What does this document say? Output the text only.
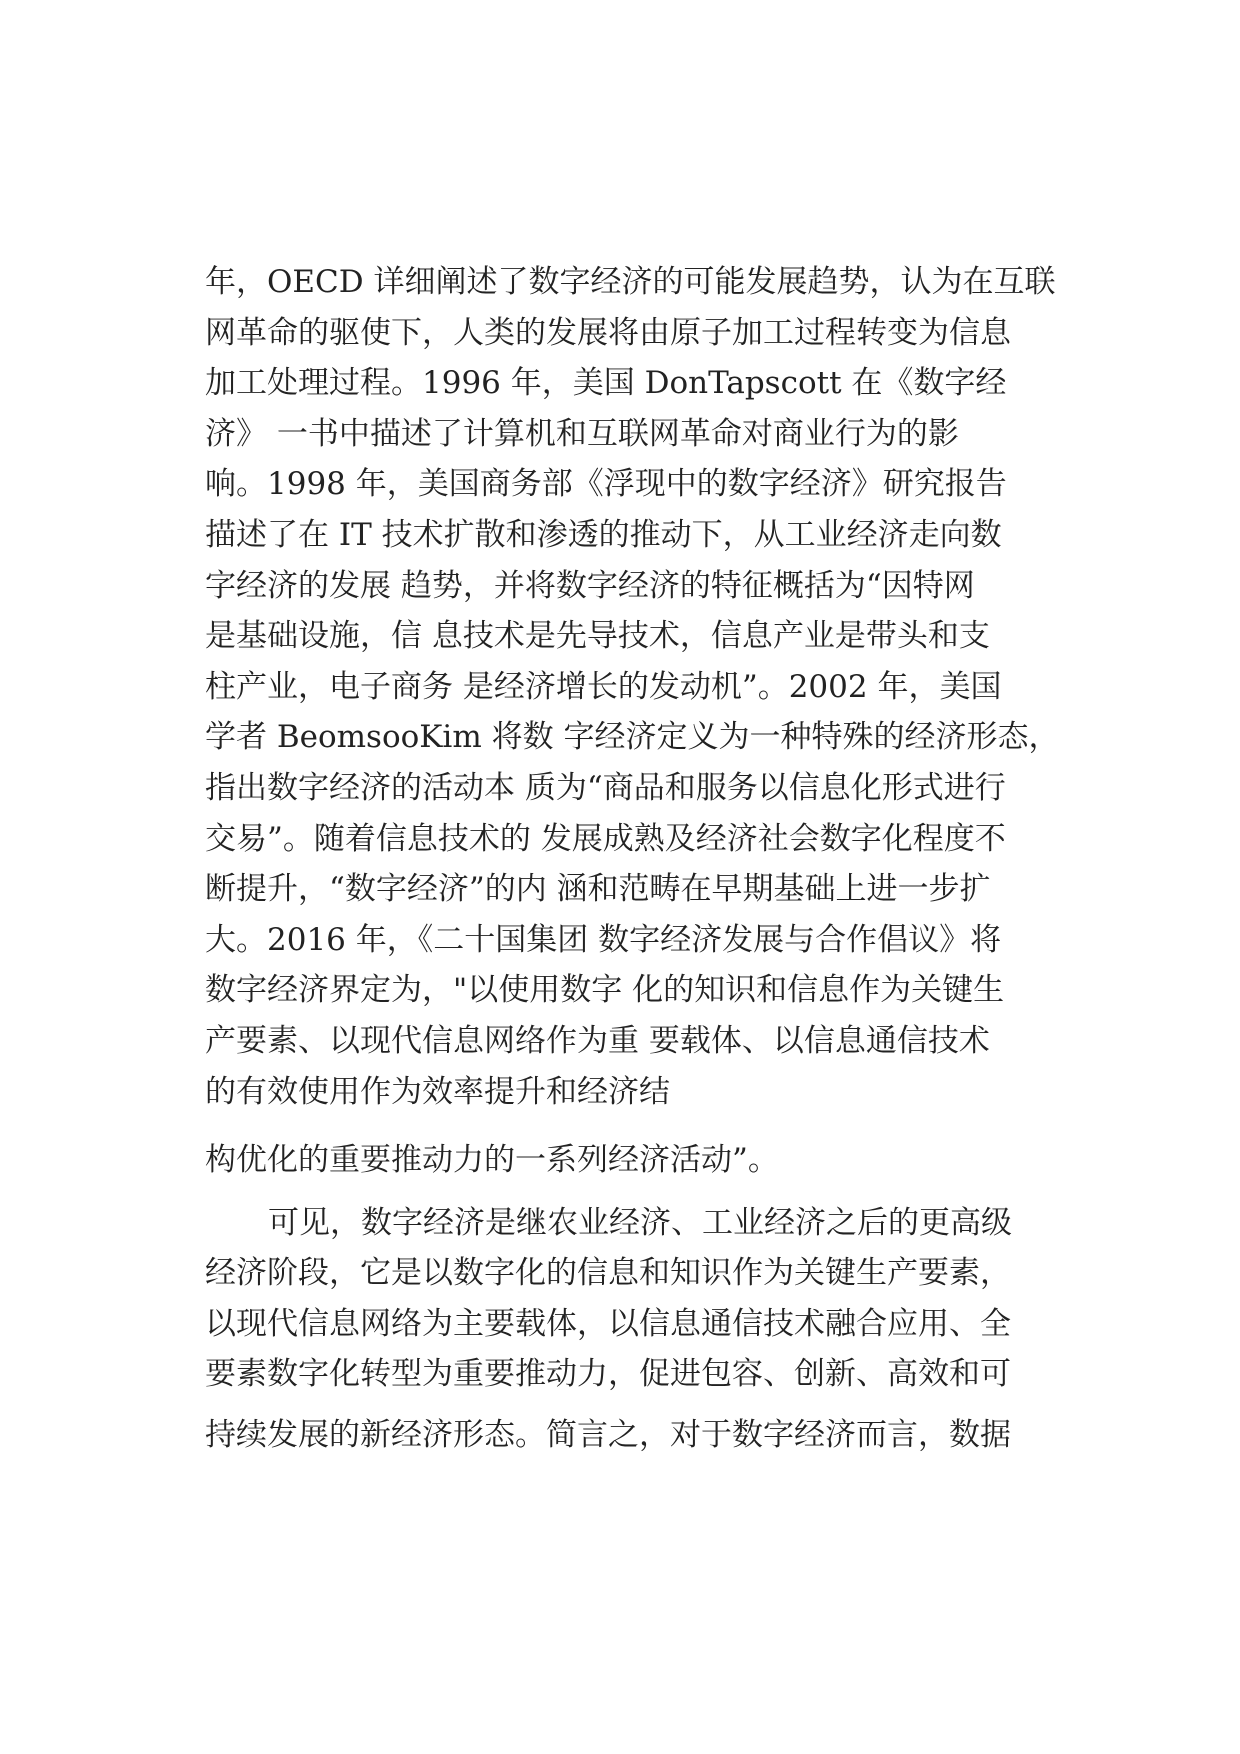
年，OECD 详细阐述了数字经济的可能发展趋势，认为在互联
网革命的驱使下，人类的发展将由原子加工过程转变为信息
加工处理过程。1996 年，美国 DonTapscott 在《数字经
济》 一书中描述了计算机和互联网革命对商业行为的影
响。1998 年，美国商务部《浮现中的数字经济》研究报告
描述了在 IT 技术扩散和渗透的推动下，从工业经济走向数
字经济的发展 趋势，并将数字经济的特征概括为“因特网
是基础设施，信 息技术是先导技术，信息产业是带头和支
柱产业，电子商务 是经济增长的发动机”。2002 年，美国
学者 BeomsooKim 将数 字经济定义为一种特殊的经济形态，
指出数字经济的活动本 质为“商品和服务以信息化形式进行
交易”。随着信息技术的 发展成熟及经济社会数字化程度不
断提升，“数字经济”的内 涵和范畴在早期基础上进一步扩
大。2016 年，《二十国集团 数字经济发展与合作倡议》将
数字经济界定为，"以使用数字 化的知识和信息作为关键生
产要素、以现代信息网络作为重 要载体、以信息通信技术
的有效使用作为效率提升和经济结
构优化的重要推动力的一系列经济活动”。
可见，数字经济是继农业经济、工业经济之后的更高级
经济阶段，它是以数字化的信息和知识作为关键生产要素，
以现代信息网络为主要载体，以信息通信技术融合应用、全
要素数字化转型为重要推动力，促进包容、创新、高效和可
持续发展的新经济形态。简言之，对于数字经济而言，数据
